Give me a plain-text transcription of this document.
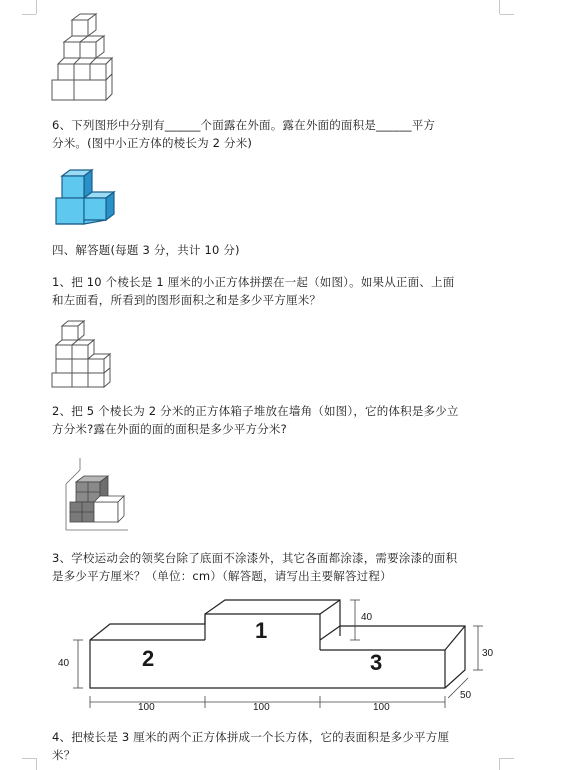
6、下列图形中分别有______个面露在外面。露在外面的面积是______平方
分米。(图中小正方体的棱长为 2 分米)
四、解答题(每题 3 分，共计 10 分)
1、把 10 个棱长是 1 厘米的小正方体拼摆在一起（如图）。如果从正面、上面
和左面看，所看到的图形面积之和是多少平方厘米？
2、把 5 个棱长为 2 分米的正方体箱子堆放在墙角（如图），它的体积是多少立
方分米?露在外面的面的面积是多少平方分米?
3、学校运动会的领奖台除了底面不涂漆外，其它各面都涂漆，需要涂漆的面积
是多少平方厘米？（单位：cm）（解答题，请写出主要解答过程）
1
2	3
40
40
30
50
100	100	100
4、把棱长是 3 厘米的两个正方体拼成一个长方体，它的表面积是多少平方厘
米？
